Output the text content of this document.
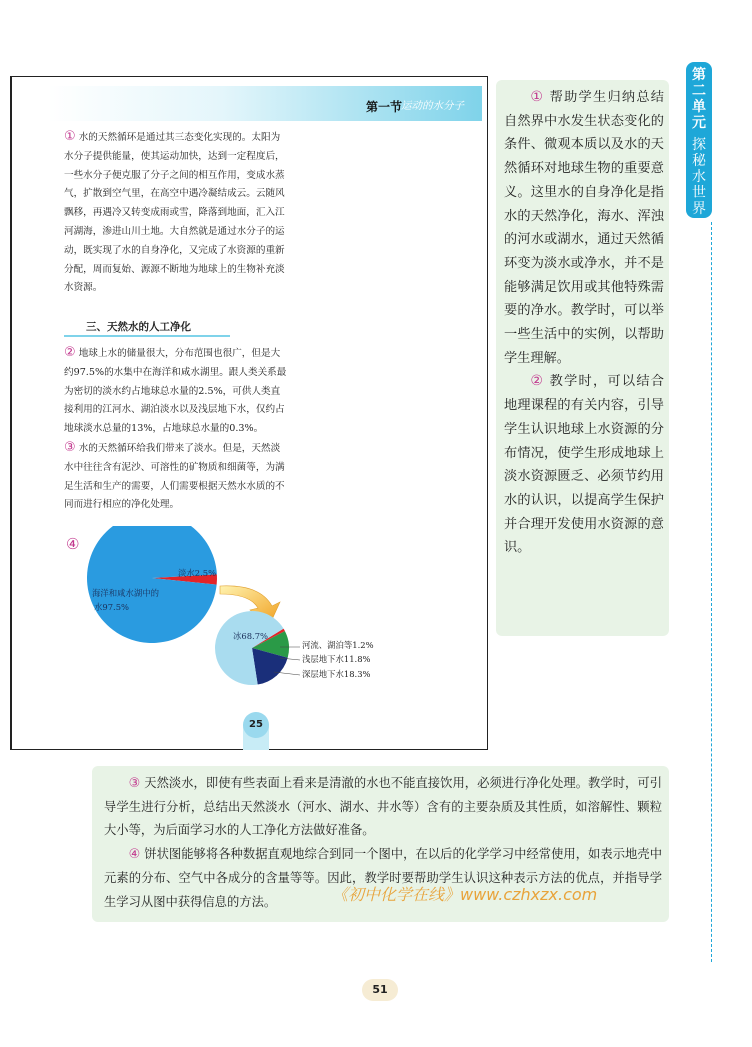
第一节 运动的水分子
① 水的天然循环是通过其三态变化实现的。太阳为
水分子提供能量，使其运动加快，达到一定程度后，
一些水分子便克服了分子之间的相互作用，变成水蒸
气，扩散到空气里，在高空中遇冷凝结成云。云随风
飘移，再遇冷又转变成雨或雪，降落到地面，汇入江
河湖海，渗进山川土地。大自然就是通过水分子的运
动，既实现了水的自身净化，又完成了水资源的重新
分配，周而复始、源源不断地为地球上的生物补充淡
水资源。
三、天然水的人工净化
② 地球上水的储量很大，分布范围也很广，但是大
约97.5%的水集中在海洋和咸水湖里。跟人类关系最
为密切的淡水约占地球总水量的2.5%，可供人类直
接利用的江河水、湖泊淡水以及浅层地下水，仅约占
地球淡水总量的13%，占地球总水量的0.3%。
③ 水的天然循环给我们带来了淡水。但是，天然淡
水中往往含有泥沙、可溶性的矿物质和细菌等，为满
足生活和生产的需要，人们需要根据天然水水质的不
同而进行相应的净化处理。
④
海洋和咸水湖中的
水97.5%
淡水2.5%
冰68.7%
河流、湖泊等1.2%
浅层地下水11.8%
深层地下水18.3%
25
① 帮助学生归纳总结自然界中水发生状态变化的条件、微观本质以及水的天然循环对地球生物的重要意义。这里水的自身净化是指水的天然净化，海水、浑浊的河水或湖水，通过天然循环变为淡水或净水，并不是能够满足饮用或其他特殊需要的净水。教学时，可以举一些生活中的实例，以帮助学生理解。
② 教学时，可以结合地理课程的有关内容，引导学生认识地球上水资源的分布情况，使学生形成地球上淡水资源匮乏、必须节约用水的认识，以提高学生保护并合理开发使用水资源的意识。
③ 天然淡水，即使有些表面上看来是清澈的水也不能直接饮用，必须进行净化处理。教学时，可引导学生进行分析，总结出天然淡水（河水、湖水、井水等）含有的主要杂质及其性质，如溶解性、颗粒大小等，为后面学习水的人工净化方法做好准备。
④ 饼状图能够将各种数据直观地综合到同一个图中，在以后的化学学习中经常使用，如表示地壳中元素的分布、空气中各成分的含量等等。因此，教学时要帮助学生认识这种表示方法的优点，并指导学生学习从图中获得信息的方法。	《初中化学在线》www.czhxzx.com
第二单元
探秘水世界
51
